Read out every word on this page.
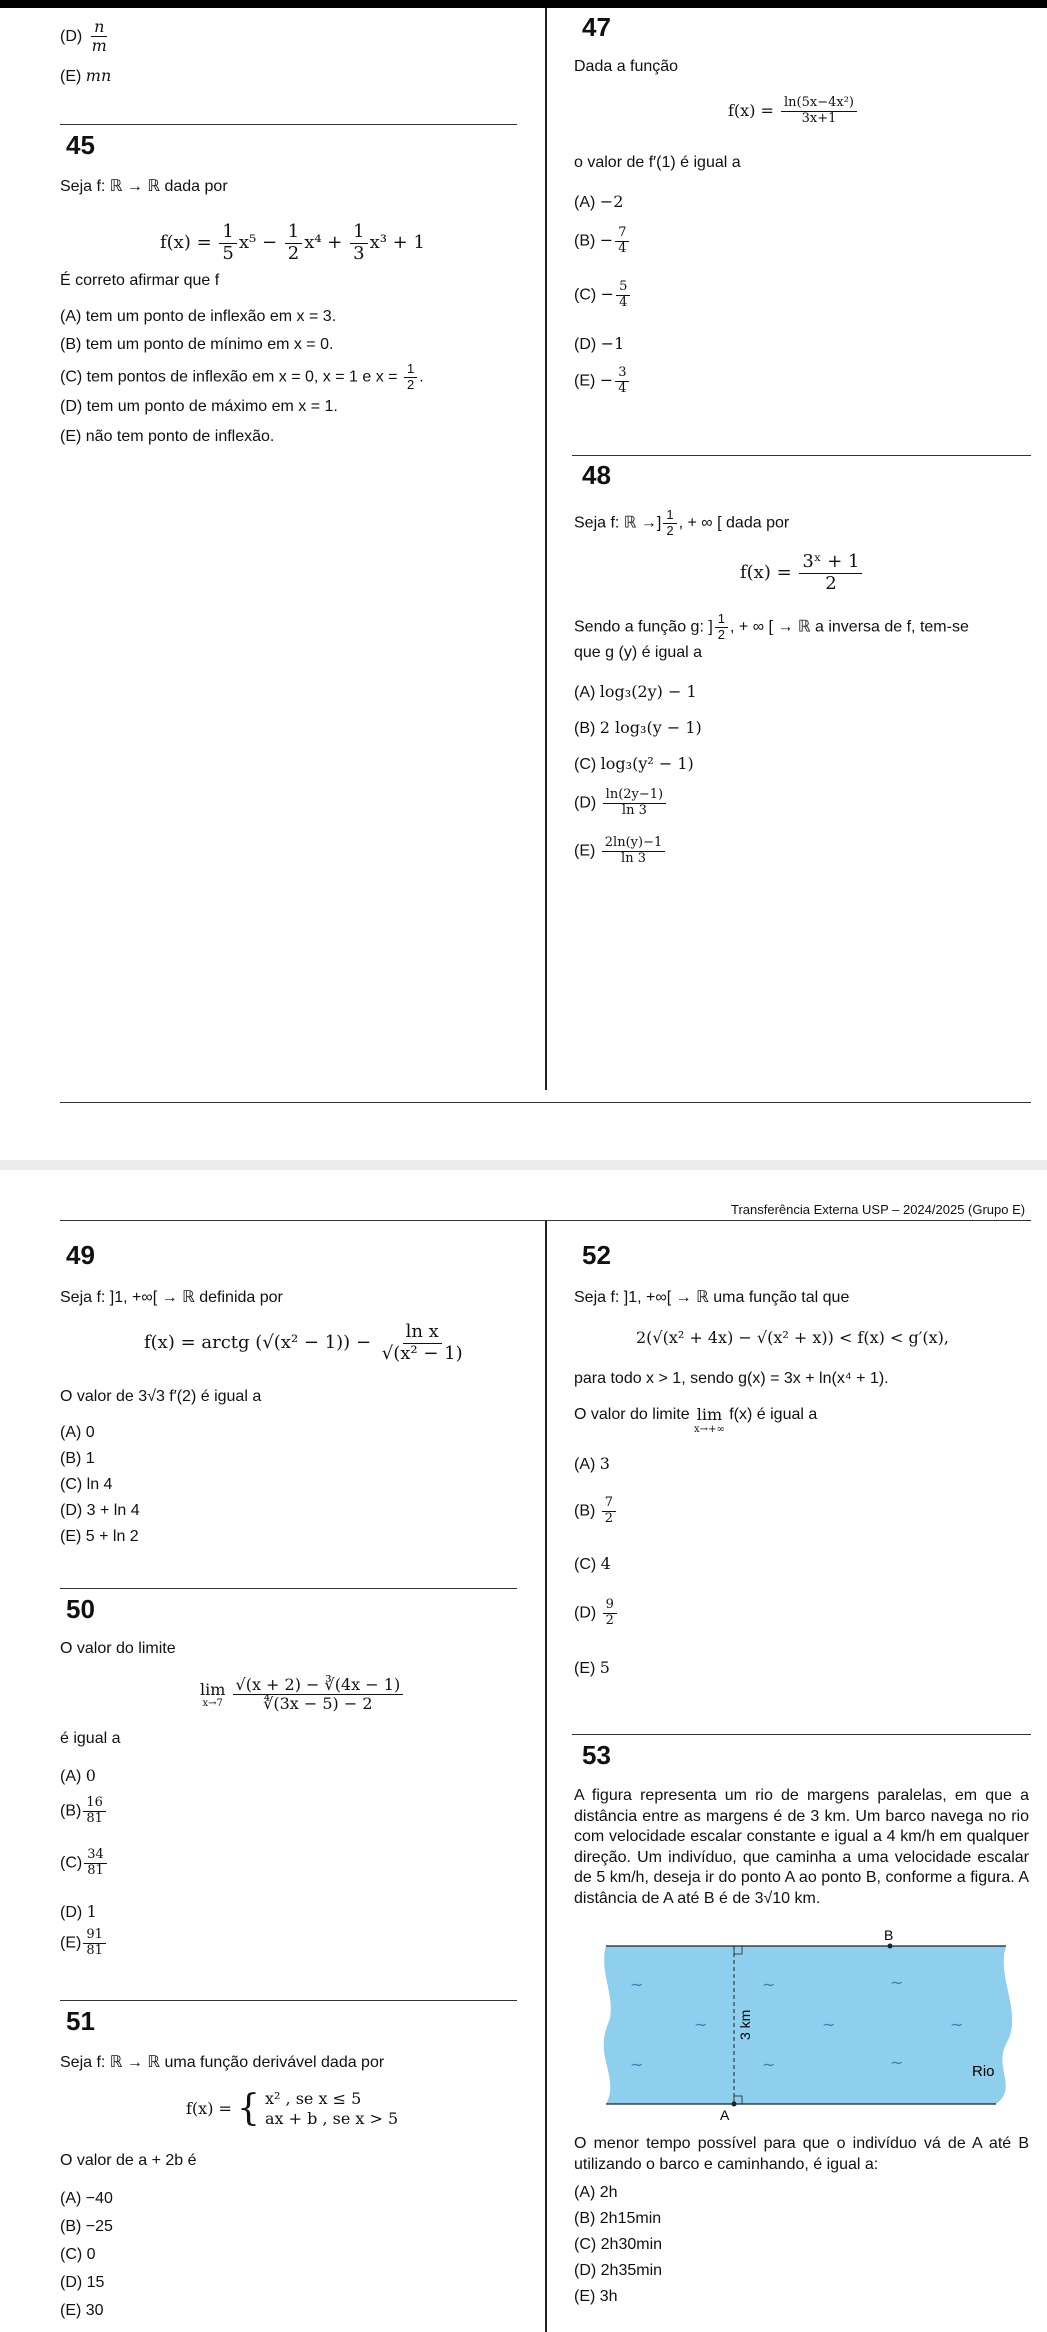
$(D) \frac{n}{m}$
(E) mn
45
Seja f: ℝ → ℝ dada por
$f(x) = \frac{1}{5} x^5 - \frac{1}{2} x^4 + \frac{1}{3} x^3 + 1$
É correto afirmar que f
(A) tem um ponto de inflexão em x = 3.
(B) tem um ponto de mínimo em x = 0.
(C) tem pontos de inflexão em x = 0, x = 1 e $x = \frac{1}{2}$ .
(D) tem um ponto de máximo em x = 1.
(E) não tem ponto de inflexão.
47
Dada a função
$f(x) = \frac{\text{ln(5x−4x²)}}{3x+1}$
o valor de f′(1) é igual a
(A) −2
$(B) - \frac{7}{4}$
$(C) - \frac{5}{4}$
(D) −1
$(E) - \frac{3}{4}$
48
Seja f: ℝ →] $\frac{1}{2}$ , + ∞ [ dada por
$f(x) = \frac{\text{3ˣ + 1}}{2}$
Sendo a função g: ] $\frac{1}{2}$ , + ∞ [ → ℝ a inversa de f, tem-se
que g (y) é igual a
(A) log₃(2y) − 1
(B) 2 log₃(y − 1)
(C) log₃(y² − 1)
$(D) \frac{\ln(2y-1)}{\ln 3}$
$(E) \frac{2\ln(y)-1}{\ln 3}$
Transferência Externa USP – 2024/2025 (Grupo E)
49
Seja f: ]1, +∞[ → ℝ definida por
f(x) = arctg $(√(x^2 - 1)) - \frac{\text{ln x}}{\text{√(x² − 1)}}$
O valor de 3√3 f′(2) é igual a
(A) 0
(B) 1
(C) ln 4
(D) 3 + ln 4
(E) 5 + ln 2
50
O valor do limite
lim
x→7
$\frac{√(x + 2) - ∛(4x - 1)}{∜(3x - 5) - 2}$
é igual a
(A) 0
$(B) \frac{16}{81}$
$(C) \frac{34}{81}$
(D) 1
$(E) \frac{91}{81}$
51
Seja f: ℝ → ℝ uma função derivável dada por
f(x) = { x² , se x ≤ 5
ax + b , se x > 5
O valor de a + 2b é
(A) −40
(B) −25
(C) 0
(D) 15
(E) 30
52
Seja f: ]1, +∞[ → ℝ uma função tal que
2(√(x² + 4x) − √(x² + x)) < f(x) < g′(x),
para todo x > 1, sendo g(x) = 3x + ln(x⁴ + 1).
O valor do limite lim
x→+∞
f(x) é igual a
(A) 3
$(B) \frac{7}{2}$
(C) 4
$(D) \frac{9}{2}$
(E) 5
53
A figura representa um rio de margens paralelas, em que a distância entre as margens é de 3 km. Um barco navega no rio com velocidade escalar constante e igual a 4 km/h em qualquer direção. Um indivíduo, que caminha a uma velocidade escalar de 5 km/h, deseja ir do ponto A ao ponto B, conforme a figura. A distância de A até B é de 3√10 km.
B
A
3 km
Rio
~	~	~
~	~	~
~	~	~
O menor tempo possível para que o indivíduo vá de A até B utilizando o barco e caminhando, é igual a:
(A) 2h
(B) 2h15min
(C) 2h30min
(D) 2h35min
(E) 3h
